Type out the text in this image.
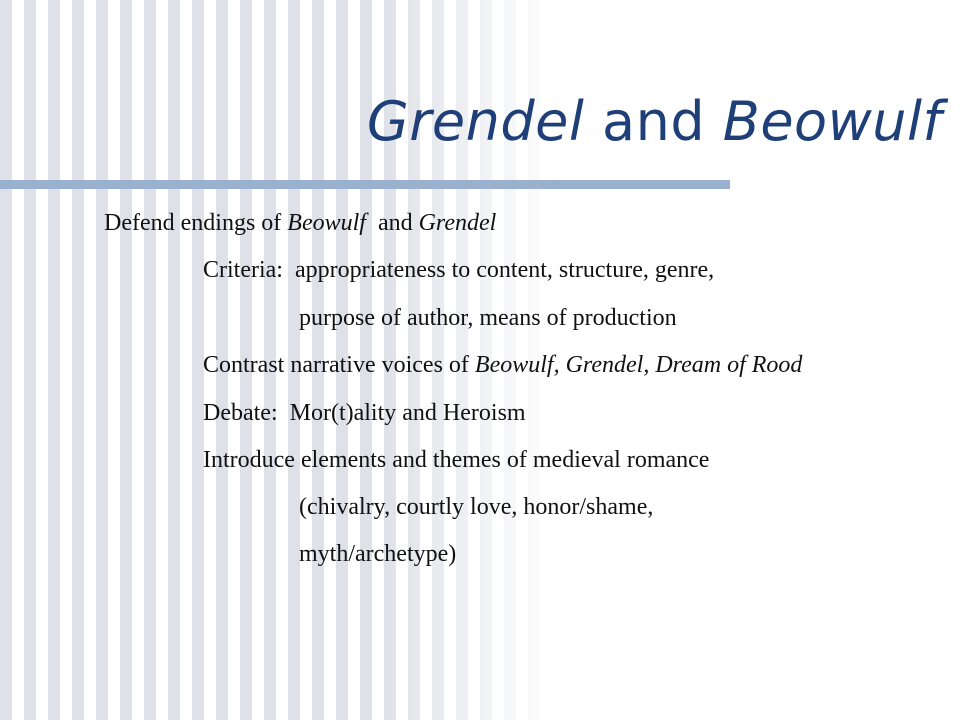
Grendel and Beowulf
Defend endings of Beowulf  and Grendel
Criteria:  appropriateness to content, structure, genre,
purpose of author, means of production
Contrast narrative voices of Beowulf, Grendel, Dream of Rood
Debate:  Mor(t)ality and Heroism
Introduce elements and themes of medieval romance
(chivalry, courtly love, honor/shame,
myth/archetype)
